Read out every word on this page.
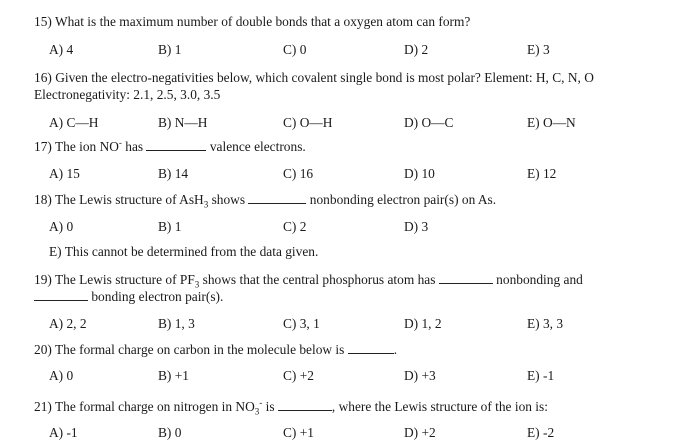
15) What is the maximum number of double bonds that a oxygen atom can form?
A) 4	B) 1	C) 0	D) 2	E) 3
16) Given the electro-negativities below, which covalent single bond is most polar? Element: H, C, N, O
Electronegativity: 2.1, 2.5, 3.0, 3.5
A) C—H	B) N—H	C) O—H	D) O—C	E) O—N
17) The ion NO- has	valence electrons.
A) 15	B) 14	C) 16	D) 10	E) 12
18) The Lewis structure of AsH$_3$ shows	nonbonding electron pair(s) on As.
A) 0	B) 1	C) 2	D) 3
E) This cannot be determined from the data given.
19) The Lewis structure of $PF_3$ shows that the central phosphorus atom has	nonbonding and
bonding electron pair(s).
A) 2, 2	B) 1, 3	C) 3, 1	D) 1, 2	E) 3, 3
20) The formal charge on carbon in the molecule below is	.
A) 0	B) +1	C) +2	D) +3	E) -1
21) The formal charge on nitrogen in $NO_3^-$ is	, where the Lewis structure of the ion is:
A) -1	B) 0	C) +1	D) +2	E) -2
